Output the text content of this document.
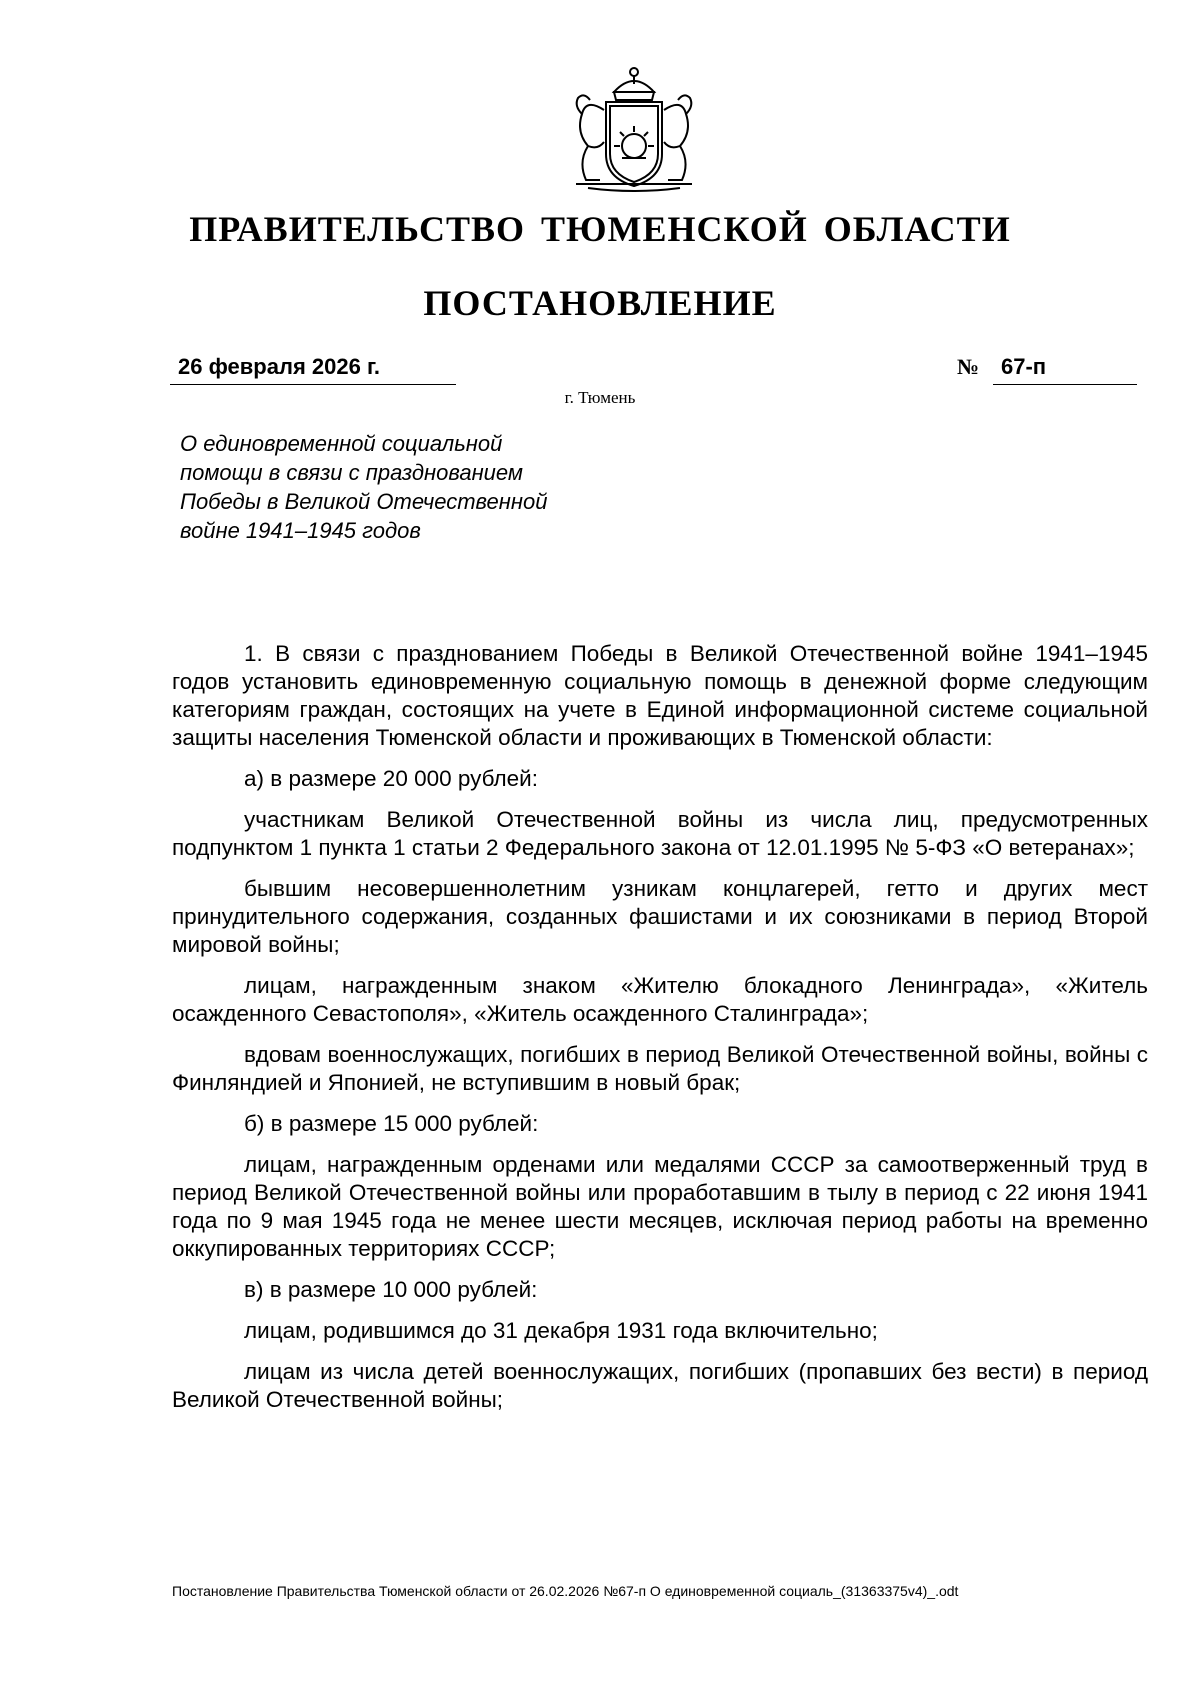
ПРАВИТЕЛЬСТВО ТЮМЕНСКОЙ ОБЛАСТИ
ПОСТАНОВЛЕНИЕ
26 февраля 2026 г.	№ 67-п
г. Тюмень
О единовременной социальной
помощи в связи с празднованием
Победы в Великой Отечественной
войне 1941–1945 годов

1. В связи с празднованием Победы в Великой Отечественной войне 1941–1945 годов установить единовременную социальную помощь в денежной форме следующим категориям граждан, состоящих на учете в Единой информационной системе социальной защиты населения Тюменской области и проживающих в Тюменской области:

а) в размере 20 000 рублей:

участникам Великой Отечественной войны из числа лиц, предусмотренных подпунктом 1 пункта 1 статьи 2 Федерального закона от 12.01.1995 № 5-ФЗ «О ветеранах»;

бывшим несовершеннолетним узникам концлагерей, гетто и других мест принудительного содержания, созданных фашистами и их союзниками в период Второй мировой войны;

лицам, награжденным знаком «Жителю блокадного Ленинграда», «Житель осажденного Севастополя», «Житель осажденного Сталинграда»;

вдовам военнослужащих, погибших в период Великой Отечественной войны, войны с Финляндией и Японией, не вступившим в новый брак;

б) в размере 15 000 рублей:

лицам, награжденным орденами или медалями СССР за самоотверженный труд в период Великой Отечественной войны или проработавшим в тылу в период с 22 июня 1941 года по 9 мая 1945 года не менее шести месяцев, исключая период работы на временно оккупированных территориях СССР;

в) в размере 10 000 рублей:

лицам, родившимся до 31 декабря 1931 года включительно;

лицам из числа детей военнослужащих, погибших (пропавших без вести) в период Великой Отечественной войны;

Постановление Правительства Тюменской области от 26.02.2026 №67-п О единовременной социаль_(31363375v4)_.odt
